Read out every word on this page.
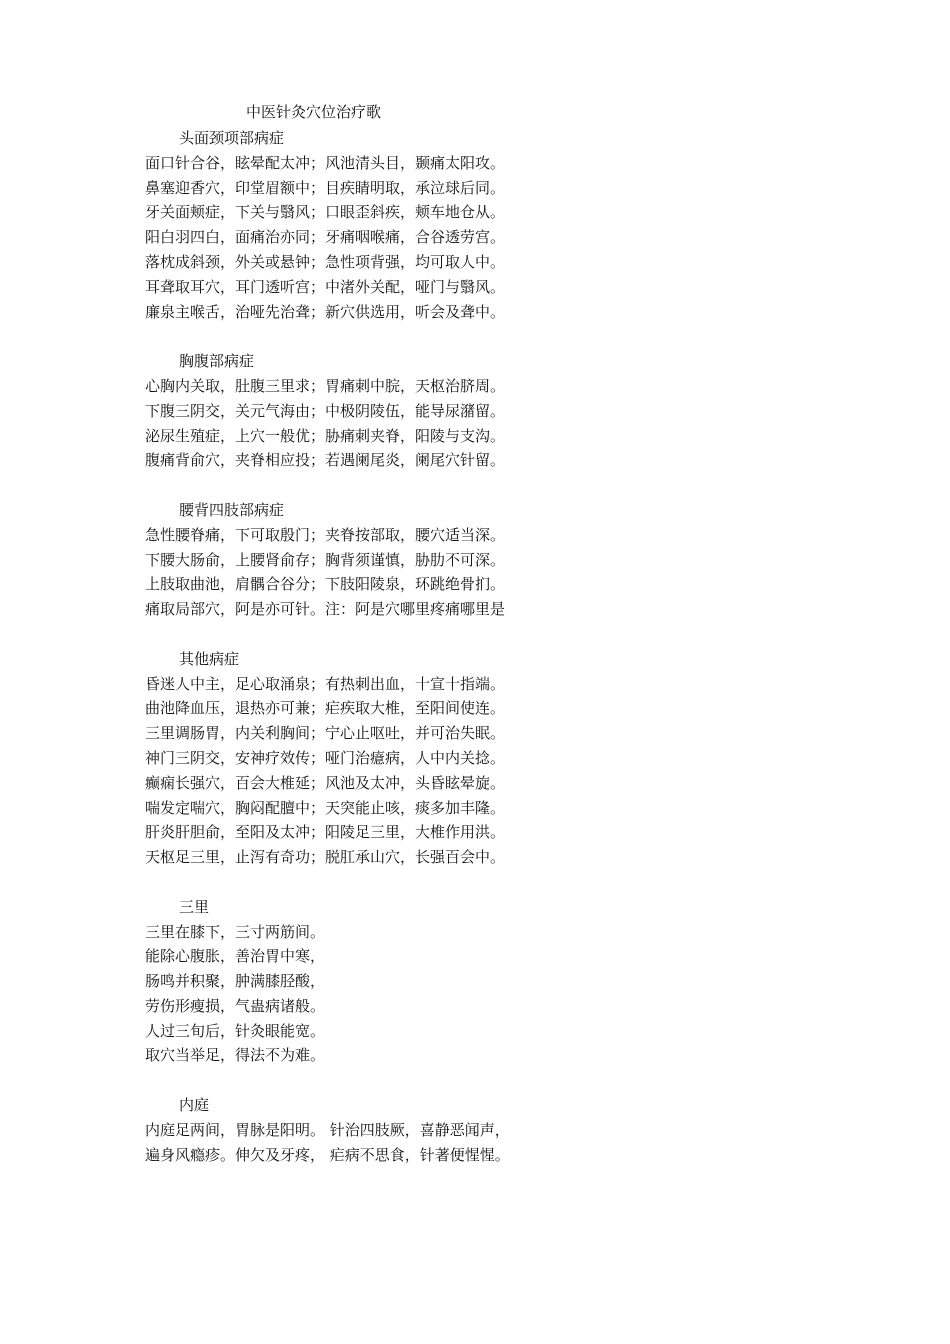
中医针灸穴位治疗歌
头面颈项部病症
面口针合谷，眩晕配太冲；风池清头目，颞痛太阳攻。
鼻塞迎香穴，印堂眉额中；目疾睛明取，承泣球后同。
牙关面颊症，下关与翳风；口眼歪斜疾，颊车地仓从。
阳白羽四白，面痛治亦同；牙痛咽喉痛，合谷透劳宫。
落枕成斜颈，外关或悬钟；急性项背强，均可取人中。
耳聋取耳穴，耳门透听宫；中渚外关配，哑门与翳风。
廉泉主喉舌，治哑先治聋；新穴供选用，听会及聋中。
胸腹部病症
心胸内关取，肚腹三里求；胃痛刺中脘，天枢治脐周。
下腹三阴交，关元气海由；中极阴陵伍，能导尿潴留。
泌尿生殖症，上穴一般优；胁痛刺夹脊，阳陵与支沟。
腹痛背俞穴，夹脊相应投；若遇阑尾炎，阑尾穴针留。
腰背四肢部病症
急性腰脊痛，下可取殷门；夹脊按部取，腰穴适当深。
下腰大肠俞，上腰肾俞存；胸背须谨慎，胁肋不可深。
上肢取曲池，肩髃合谷分；下肢阳陵泉，环跳绝骨扪。
痛取局部穴，阿是亦可针。注：阿是穴哪里疼痛哪里是
其他病症
昏迷人中主，足心取涌泉；有热刺出血，十宣十指端。
曲池降血压，退热亦可兼；疟疾取大椎，至阳间使连。
三里调肠胃，内关利胸间；宁心止呕吐，并可治失眠。
神门三阴交，安神疗效传；哑门治癔病，人中内关捻。
癫痫长强穴，百会大椎延；风池及太冲，头昏眩晕旋。
喘发定喘穴，胸闷配膻中；天突能止咳，痰多加丰隆。
肝炎肝胆俞，至阳及太冲；阳陵足三里，大椎作用洪。
天枢足三里，止泻有奇功；脱肛承山穴，长强百会中。
三里
三里在膝下，三寸两筋间。
能除心腹胀，善治胃中寒，
肠鸣并积聚，肿满膝胫酸，
劳伤形瘦损，气蛊病诸般。
人过三旬后，针灸眼能宽。
取穴当举足，得法不为难。
内庭
内庭足两间，胃脉是阳明。 针治四肢厥，喜静恶闻声，
遍身风瘾疹。伸欠及牙疼， 疟病不思食，针著便惺惺。
